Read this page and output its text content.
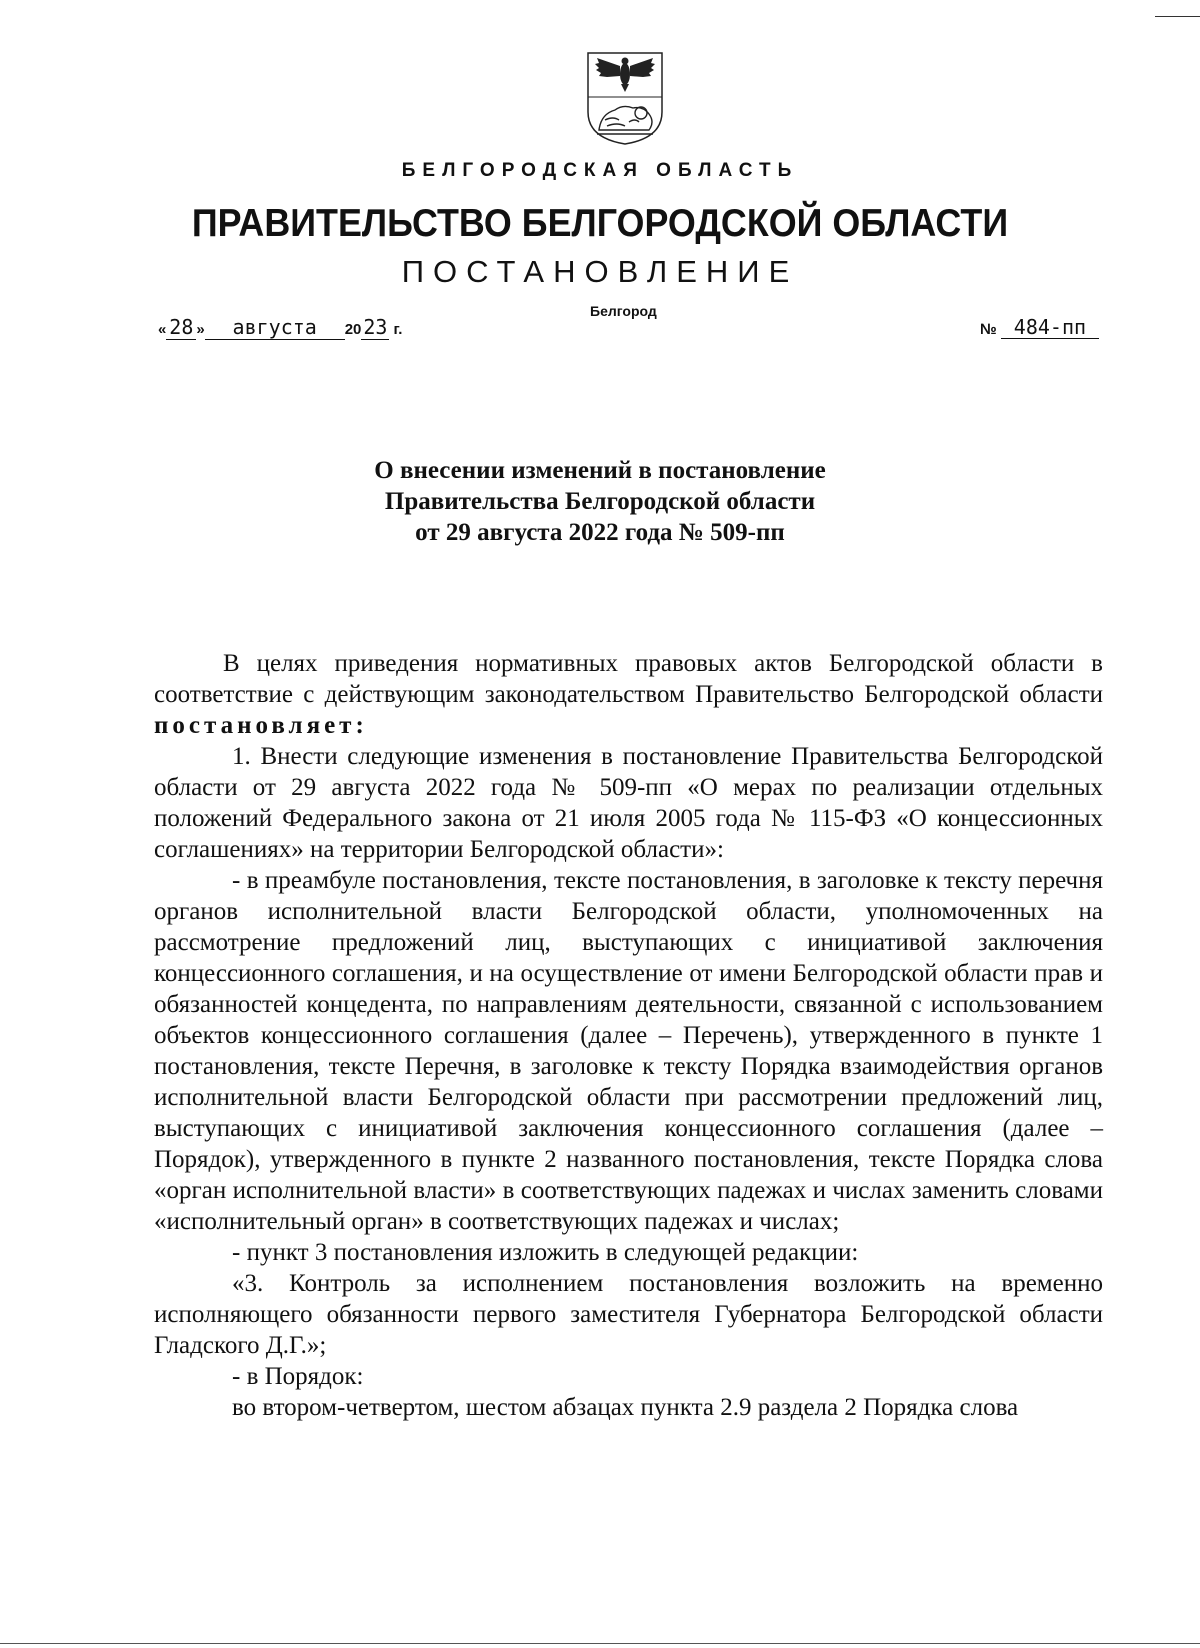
БЕЛГОРОДСКАЯ ОБЛАСТЬ
ПРАВИТЕЛЬСТВО БЕЛГОРОДСКОЙ ОБЛАСТИ
ПОСТАНОВЛЕНИЕ
Белгород
« 28 » августа 2023 г.	№ 484-пп
О внесении изменений в постановление
Правительства Белгородской области
от 29 августа 2022 года № 509-пп

В целях приведения нормативных правовых актов Белгородской области в соответствие с действующим законодательством Правительство Белгородской области постановляет:

1. Внести следующие изменения в постановление Правительства Белгородской области от 29 августа 2022 года № 509-пп «О мерах по реализации отдельных положений Федерального закона от 21 июля 2005 года № 115-ФЗ «О концессионных соглашениях» на территории Белгородской области»:

- в преамбуле постановления, тексте постановления, в заголовке к тексту перечня органов исполнительной власти Белгородской области, уполномоченных на рассмотрение предложений лиц, выступающих с инициативой заключения концессионного соглашения, и на осуществление от имени Белгородской области прав и обязанностей концедента, по направлениям деятельности, связанной с использованием объектов концессионного соглашения (далее – Перечень), утвержденного в пункте 1 постановления, тексте Перечня, в заголовке к тексту Порядка взаимодействия органов исполнительной власти Белгородской области при рассмотрении предложений лиц, выступающих с инициативой заключения концессионного соглашения (далее – Порядок), утвержденного в пункте 2 названного постановления, тексте Порядка слова «орган исполнительной власти» в соответствующих падежах и числах заменить словами «исполнительный орган» в соответствующих падежах и числах;

- пункт 3 постановления изложить в следующей редакции:

«3. Контроль за исполнением постановления возложить на временно исполняющего обязанности первого заместителя Губернатора Белгородской области Гладского Д.Г.»;

- в Порядок:

во втором-четвертом, шестом абзацах пункта 2.9 раздела 2 Порядка слова
